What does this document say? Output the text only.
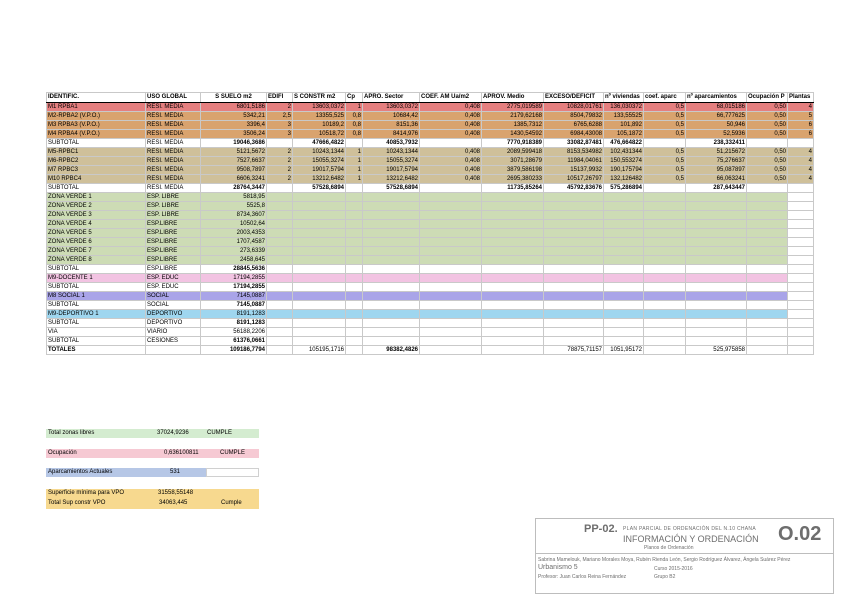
IDENTIFIC.	USO GLOBAL	S SUELO m2	EDIFI	S CONSTR m2	Cp	APRO. Sector	COEF. AM Ua/m2	APROV. Medio	EXCESO/DEFICIT	nº viviendas	coef. aparc	nº aparcamientos	Ocupación P	Plantas
M1 RPBA1	RESI. MEDIA	6801,5186	2	13603,0372	1	13603,0372	0,408	2775,019589	10828,01761	136,030372	0,5	68,015186	0,50	4
M2-RPBA2 (V.P.O.)	RESI. MEDIA	5342,21	2,5	13355,525	0,8	10684,42	0,408	2179,62168	8504,79832	133,55525	0,5	66,777625	0,50	5
M3 RPBA3 (V.P.O.)	RESI. MEDIA	3396,4	3	10189,2	0,8	8151,36	0,408	1385,7312	6765,6288	101,892	0,5	50,946	0,50	6
M4 RPBA4 (V.P.O.)	RESI. MEDIA	3506,24	3	10518,72	0,8	8414,976	0,408	1430,54592	6984,43008	105,1872	0,5	52,5936	0,50	6
SUBTOTAL	RESI. MEDIA	19046,3686		47666,4822		40853,7932		7770,918389	33082,87481	476,664822		238,332411		
M5-RPBC1	RESI. MEDIA	5121,5672	2	10243,1344	1	10243,1344	0,408	2089,599418	8153,534982	102,431344	0,5	51,215672	0,50	4
M6-RPBC2	RESI. MEDIA	7527,6637	2	15055,3274	1	15055,3274	0,408	3071,28679	11984,04061	150,553274	0,5	75,276637	0,50	4
M7 RPBC3	RESI. MEDIA	9508,7897	2	19017,5794	1	19017,5794	0,408	3879,586198	15137,9932	190,175794	0,5	95,087897	0,50	4
M10 RPBC4	RESI. MEDIA	6606,3241	2	13212,6482	1	13212,6482	0,408	2695,380233	10517,26797	132,126482	0,5	66,063241	0,50	4
SUBTOTAL	RESI. MEDIA	28764,3447		57528,6894		57528,6894		11735,85264	45792,83676	575,286894		287,643447		
ZONA VERDE 1	ESP. LIBRE	5818,95												
ZONA VERDE 2	ESP. LIBRE	5525,8												
ZONA VERDE 3	ESP. LIBRE	8734,3607												
ZONA VERDE 4	ESP.LIBRE	10502,64												
ZONA VERDE 5	ESP.LIBRE	2003,4353												
ZONA VERDE 6	ESP.LIBRE	1707,4587												
ZONA VERDE 7	ESP.LIBRE	273,6339												
ZONA VERDE 8	ESP.LIBRE	2458,645												
SUBTOTAL	ESP.LIBRE	28845,5636												
M9-DOCENTE 1	ESP. EDUC	17194,2855												
SUBTOTAL	ESP. EDUC	17194,2855												
M8 SOCIAL 1	SOCIAL	7145,0887												
SUBTOTAL	SOCIAL	7145,0887												
M9-DEPORTIVO 1	DEPORTIVO	8191,1283												
SUBTOTAL	DEPORTIVO	8191,1283												
VIA	VIARIO	56188,2206												
SUBTOTAL	CESIONES	61376,0661												
TOTALES		109186,7794		105195,1716		98382,4826			78875,71157	1051,95172		525,975858		
Total zonas libres	37024,9236	CUMPLE
Ocupación	0,636100811	CUMPLE
Aparcamientos Actuales	531
Superficie mínima para VPO	31558,55148
Total Sup constr VPO	34063,445	Cumple
PP-02. PLAN PARCIAL DE ORDENACIÓN DEL N.10 CHANA
INFORMACIÓN Y ORDENACIÓN
Planos de Ordenación
O.02
Sabrina Mamelouk, Mariano Morales Moya, Rubén Rienda León, Sergio Rodríguez Álvarez, Ángela Suárez Pérez
Urbanismo 5	Curso 2015-2016
Profesor: Juan Carlos Reina Fernández	Grupo B2
